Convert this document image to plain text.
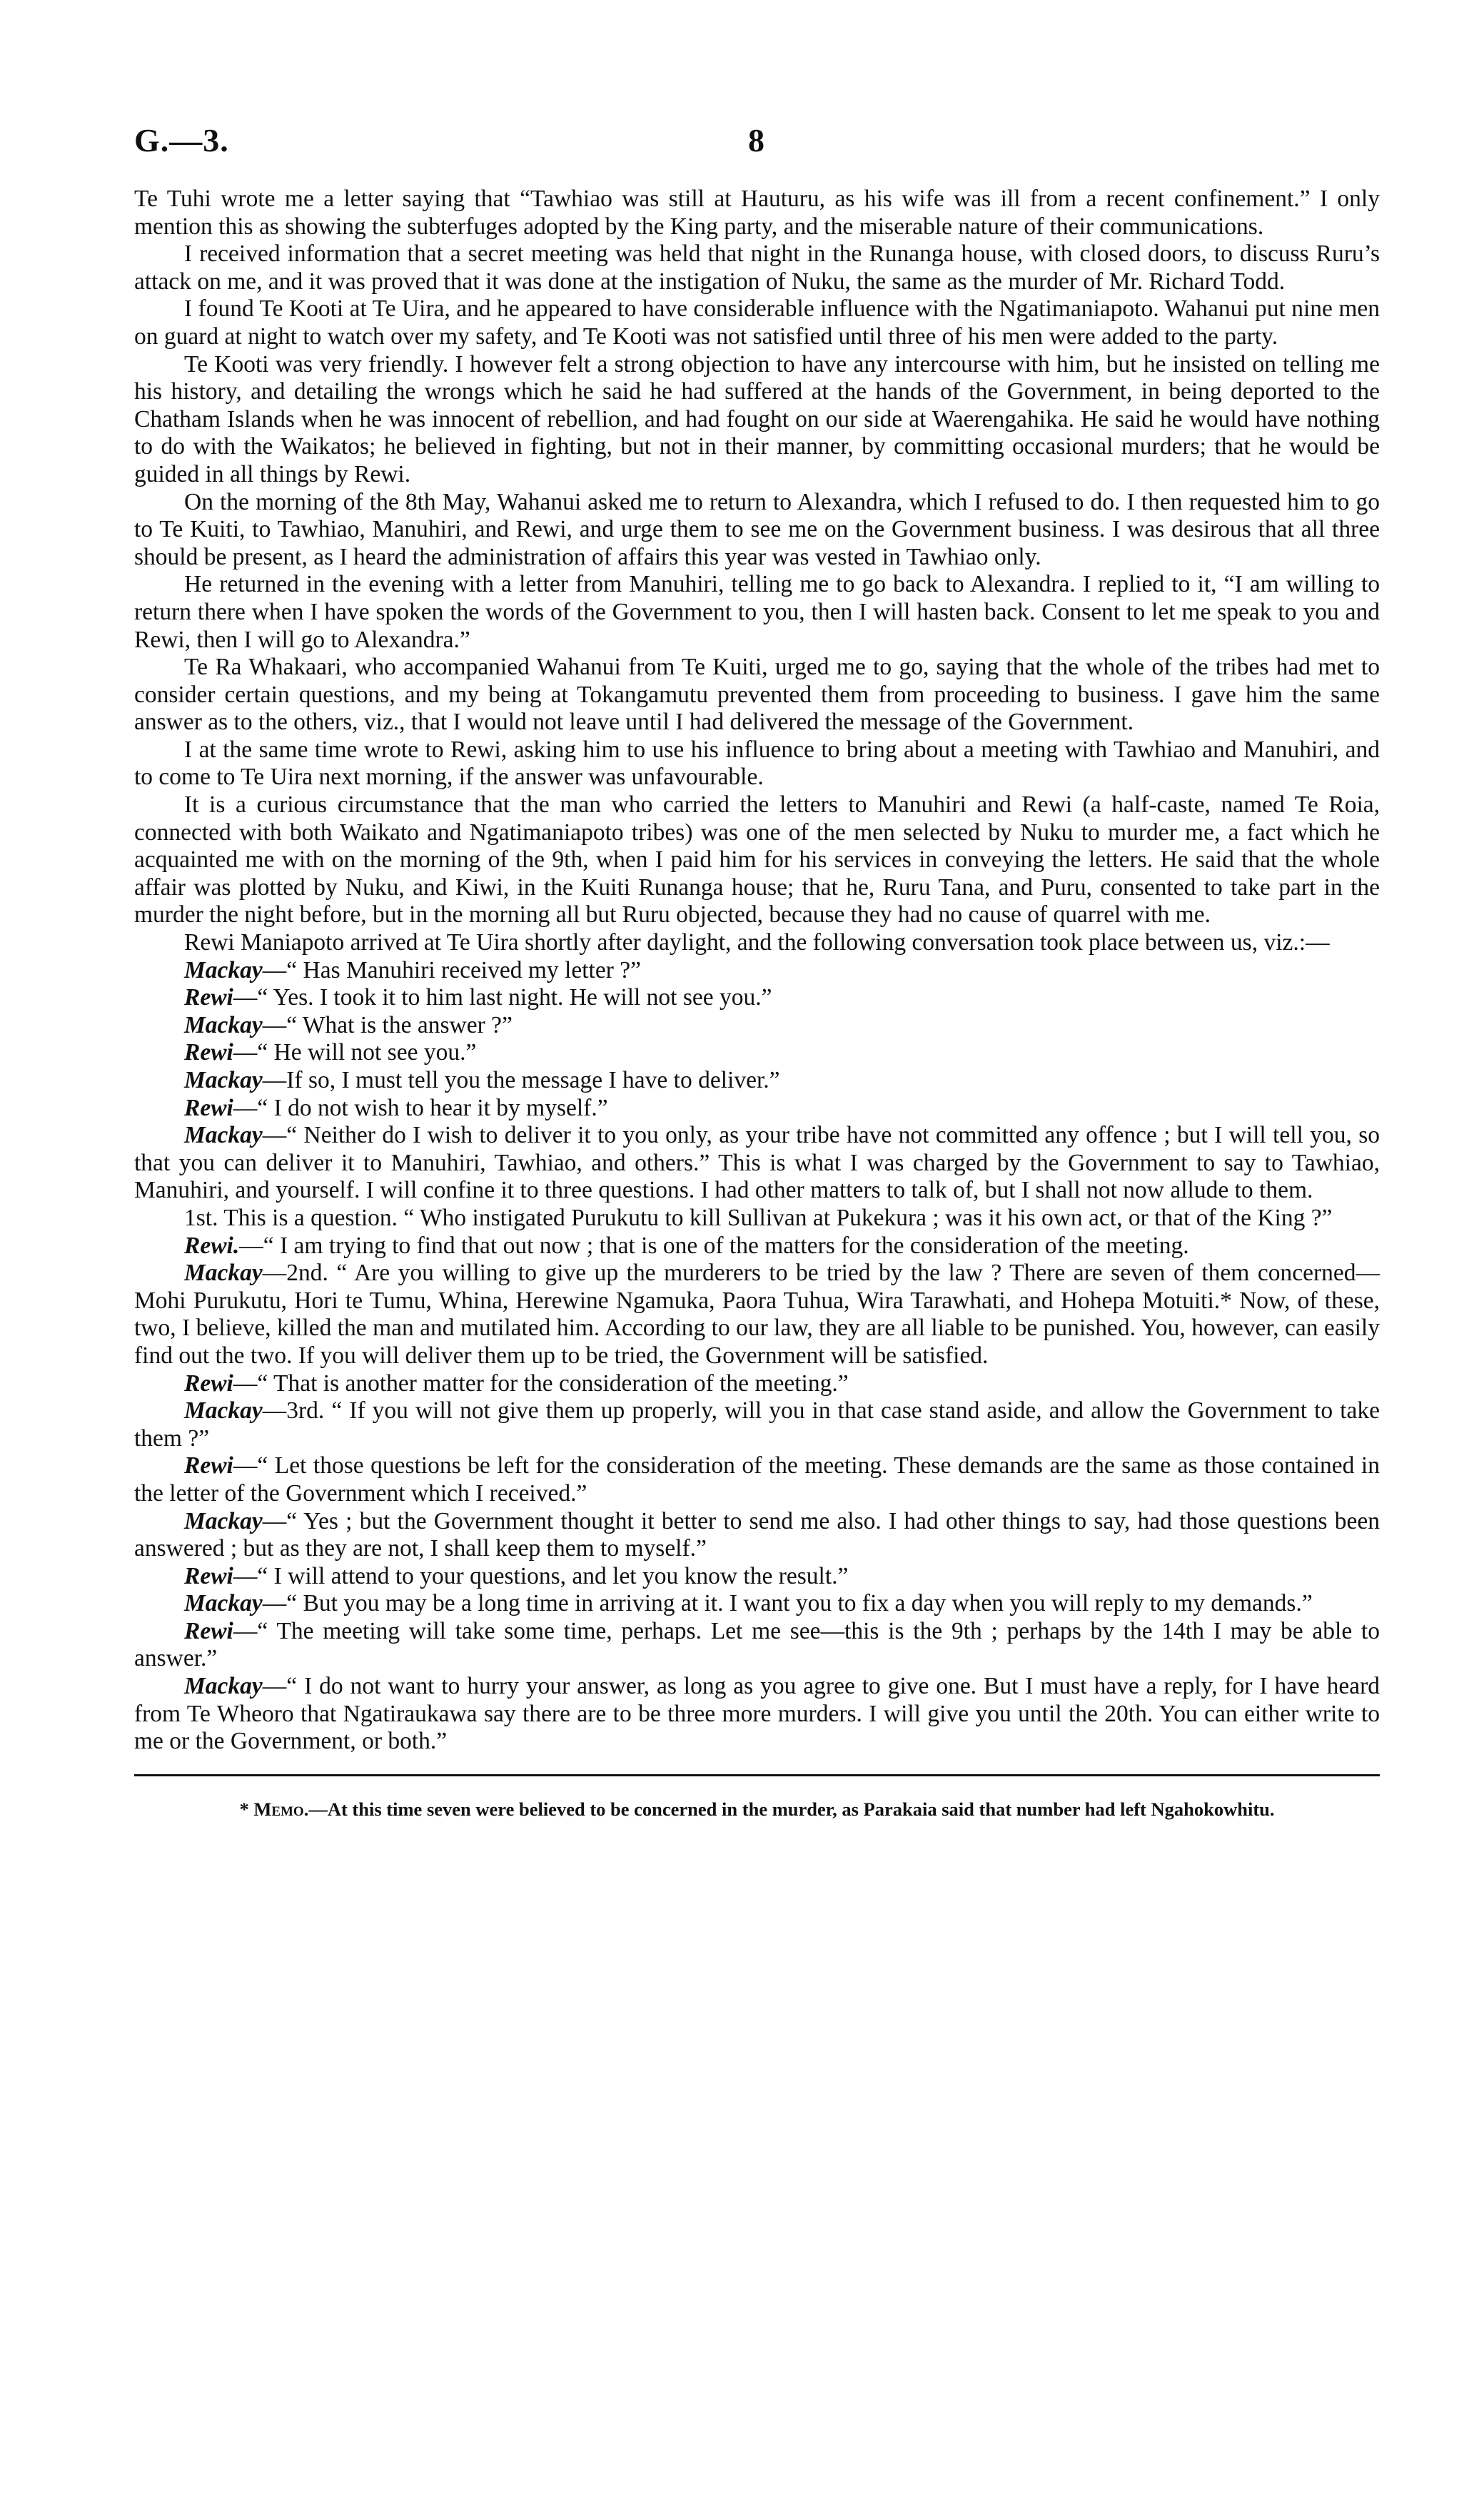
G.—3.	8

Te Tuhi wrote me a letter saying that “Tawhiao was still at Hauturu, as his wife was ill from a recent confinement.” I only mention this as showing the subterfuges adopted by the King party, and the miserable nature of their communications.

I received information that a secret meeting was held that night in the Runanga house, with closed doors, to discuss Ruru’s attack on me, and it was proved that it was done at the instigation of Nuku, the same as the murder of Mr. Richard Todd.

I found Te Kooti at Te Uira, and he appeared to have considerable influence with the Ngatimaniapoto. Wahanui put nine men on guard at night to watch over my safety, and Te Kooti was not satisfied until three of his men were added to the party.

Te Kooti was very friendly. I however felt a strong objection to have any intercourse with him, but he insisted on telling me his history, and detailing the wrongs which he said he had suffered at the hands of the Government, in being deported to the Chatham Islands when he was innocent of rebellion, and had fought on our side at Waerengahika. He said he would have nothing to do with the Waikatos; he believed in fighting, but not in their manner, by committing occasional murders; that he would be guided in all things by Rewi.

On the morning of the 8th May, Wahanui asked me to return to Alexandra, which I refused to do. I then requested him to go to Te Kuiti, to Tawhiao, Manuhiri, and Rewi, and urge them to see me on the Government business. I was desirous that all three should be present, as I heard the administration of affairs this year was vested in Tawhiao only.

He returned in the evening with a letter from Manuhiri, telling me to go back to Alexandra. I replied to it, “I am willing to return there when I have spoken the words of the Government to you, then I will hasten back. Consent to let me speak to you and Rewi, then I will go to Alexandra.”

Te Ra Whakaari, who accompanied Wahanui from Te Kuiti, urged me to go, saying that the whole of the tribes had met to consider certain questions, and my being at Tokangamutu prevented them from proceeding to business. I gave him the same answer as to the others, viz., that I would not leave until I had delivered the message of the Government.

I at the same time wrote to Rewi, asking him to use his influence to bring about a meeting with Tawhiao and Manuhiri, and to come to Te Uira next morning, if the answer was unfavourable.

It is a curious circumstance that the man who carried the letters to Manuhiri and Rewi (a half-caste, named Te Roia, connected with both Waikato and Ngatimaniapoto tribes) was one of the men selected by Nuku to murder me, a fact which he acquainted me with on the morning of the 9th, when I paid him for his services in conveying the letters. He said that the whole affair was plotted by Nuku, and Kiwi, in the Kuiti Runanga house; that he, Ruru Tana, and Puru, consented to take part in the murder the night before, but in the morning all but Ruru objected, because they had no cause of quarrel with me.

Rewi Maniapoto arrived at Te Uira shortly after daylight, and the following conversation took place between us, viz.:—

Mackay—“ Has Manuhiri received my letter ?”

Rewi—“ Yes. I took it to him last night. He will not see you.”

Mackay—“ What is the answer ?”

Rewi—“ He will not see you.”

Mackay—If so, I must tell you the message I have to deliver.”

Rewi—“ I do not wish to hear it by myself.”

Mackay—“ Neither do I wish to deliver it to you only, as your tribe have not committed any offence ; but I will tell you, so that you can deliver it to Manuhiri, Tawhiao, and others.” This is what I was charged by the Government to say to Tawhiao, Manuhiri, and yourself. I will confine it to three questions. I had other matters to talk of, but I shall not now allude to them.

1st. This is a question. “ Who instigated Purukutu to kill Sullivan at Pukekura ; was it his own act, or that of the King ?”

Rewi.—“ I am trying to find that out now ; that is one of the matters for the consideration of the meeting.

Mackay—2nd. “ Are you willing to give up the murderers to be tried by the law ? There are seven of them concerned—Mohi Purukutu, Hori te Tumu, Whina, Herewine Ngamuka, Paora Tuhua, Wira Tarawhati, and Hohepa Motuiti.* Now, of these, two, I believe, killed the man and mutilated him. According to our law, they are all liable to be punished. You, however, can easily find out the two. If you will deliver them up to be tried, the Government will be satisfied.

Rewi—“ That is another matter for the consideration of the meeting.”

Mackay—3rd. “ If you will not give them up properly, will you in that case stand aside, and allow the Government to take them ?”

Rewi—“ Let those questions be left for the consideration of the meeting. These demands are the same as those contained in the letter of the Government which I received.”

Mackay—“ Yes ; but the Government thought it better to send me also. I had other things to say, had those questions been answered ; but as they are not, I shall keep them to myself.”

Rewi—“ I will attend to your questions, and let you know the result.”

Mackay—“ But you may be a long time in arriving at it. I want you to fix a day when you will reply to my demands.”

Rewi—“ The meeting will take some time, perhaps. Let me see—this is the 9th ; perhaps by the 14th I may be able to answer.”

Mackay—“ I do not want to hurry your answer, as long as you agree to give one. But I must have a reply, for I have heard from Te Wheoro that Ngatiraukawa say there are to be three more murders. I will give you until the 20th. You can either write to me or the Government, or both.”

* Memo.—At this time seven were believed to be concerned in the murder, as Parakaia said that number had left Ngahokowhitu.
